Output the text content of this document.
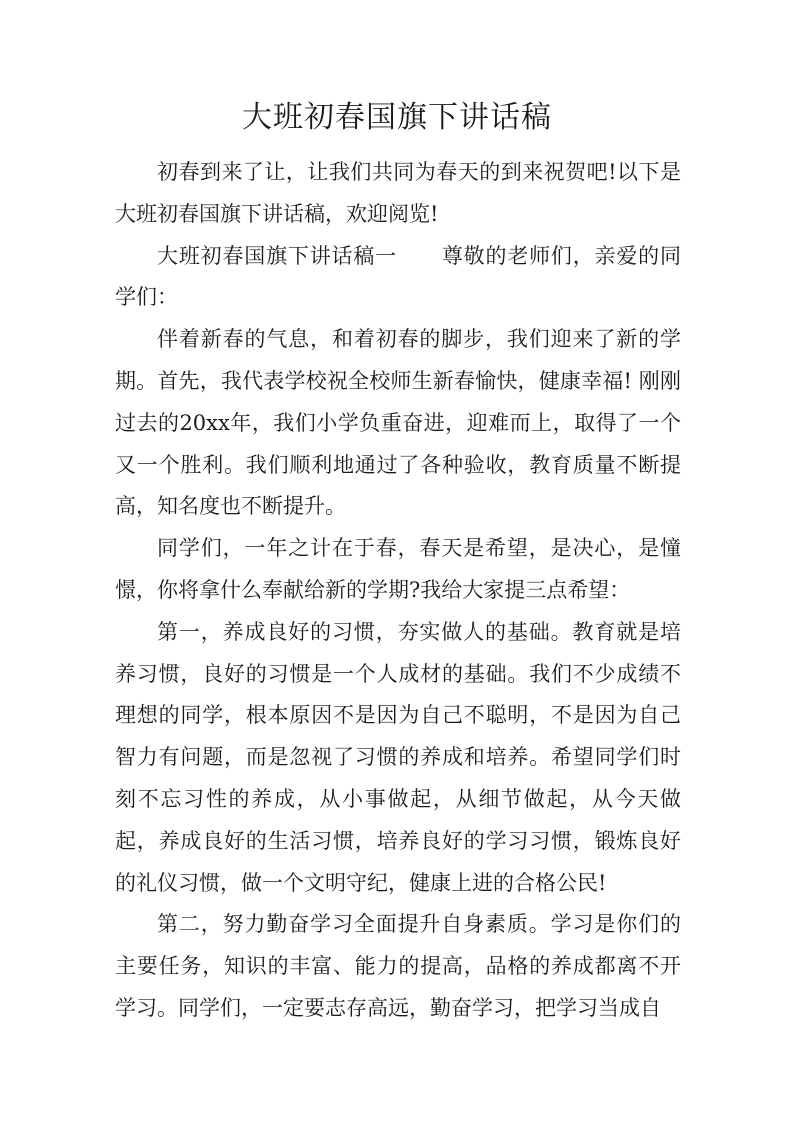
大班初春国旗下讲话稿

初春到来了让，让我们共同为春天的到来祝贺吧!以下是大班初春国旗下讲话稿，欢迎阅览!

大班初春国旗下讲话稿一 尊敬的老师们，亲爱的同学们：

伴着新春的气息，和着初春的脚步，我们迎来了新的学期。首先，我代表学校祝全校师生新春愉快，健康幸福! 刚刚过去的20xx年，我们小学负重奋进，迎难而上，取得了一个又一个胜利。我们顺利地通过了各种验收，教育质量不断提高，知名度也不断提升。

同学们，一年之计在于春，春天是希望，是决心，是憧憬，你将拿什么奉献给新的学期?我给大家提三点希望：

第一，养成良好的习惯，夯实做人的基础。教育就是培养习惯，良好的习惯是一个人成材的基础。我们不少成绩不理想的同学，根本原因不是因为自己不聪明，不是因为自己智力有问题，而是忽视了习惯的养成和培养。希望同学们时刻不忘习性的养成，从小事做起，从细节做起，从今天做起，养成良好的生活习惯，培养良好的学习习惯，锻炼良好的礼仪习惯，做一个文明守纪，健康上进的合格公民!

第二，努力勤奋学习全面提升自身素质。学习是你们的主要任务，知识的丰富、能力的提高，品格的养成都离不开学习。同学们，一定要志存高远，勤奋学习，把学习当成自
